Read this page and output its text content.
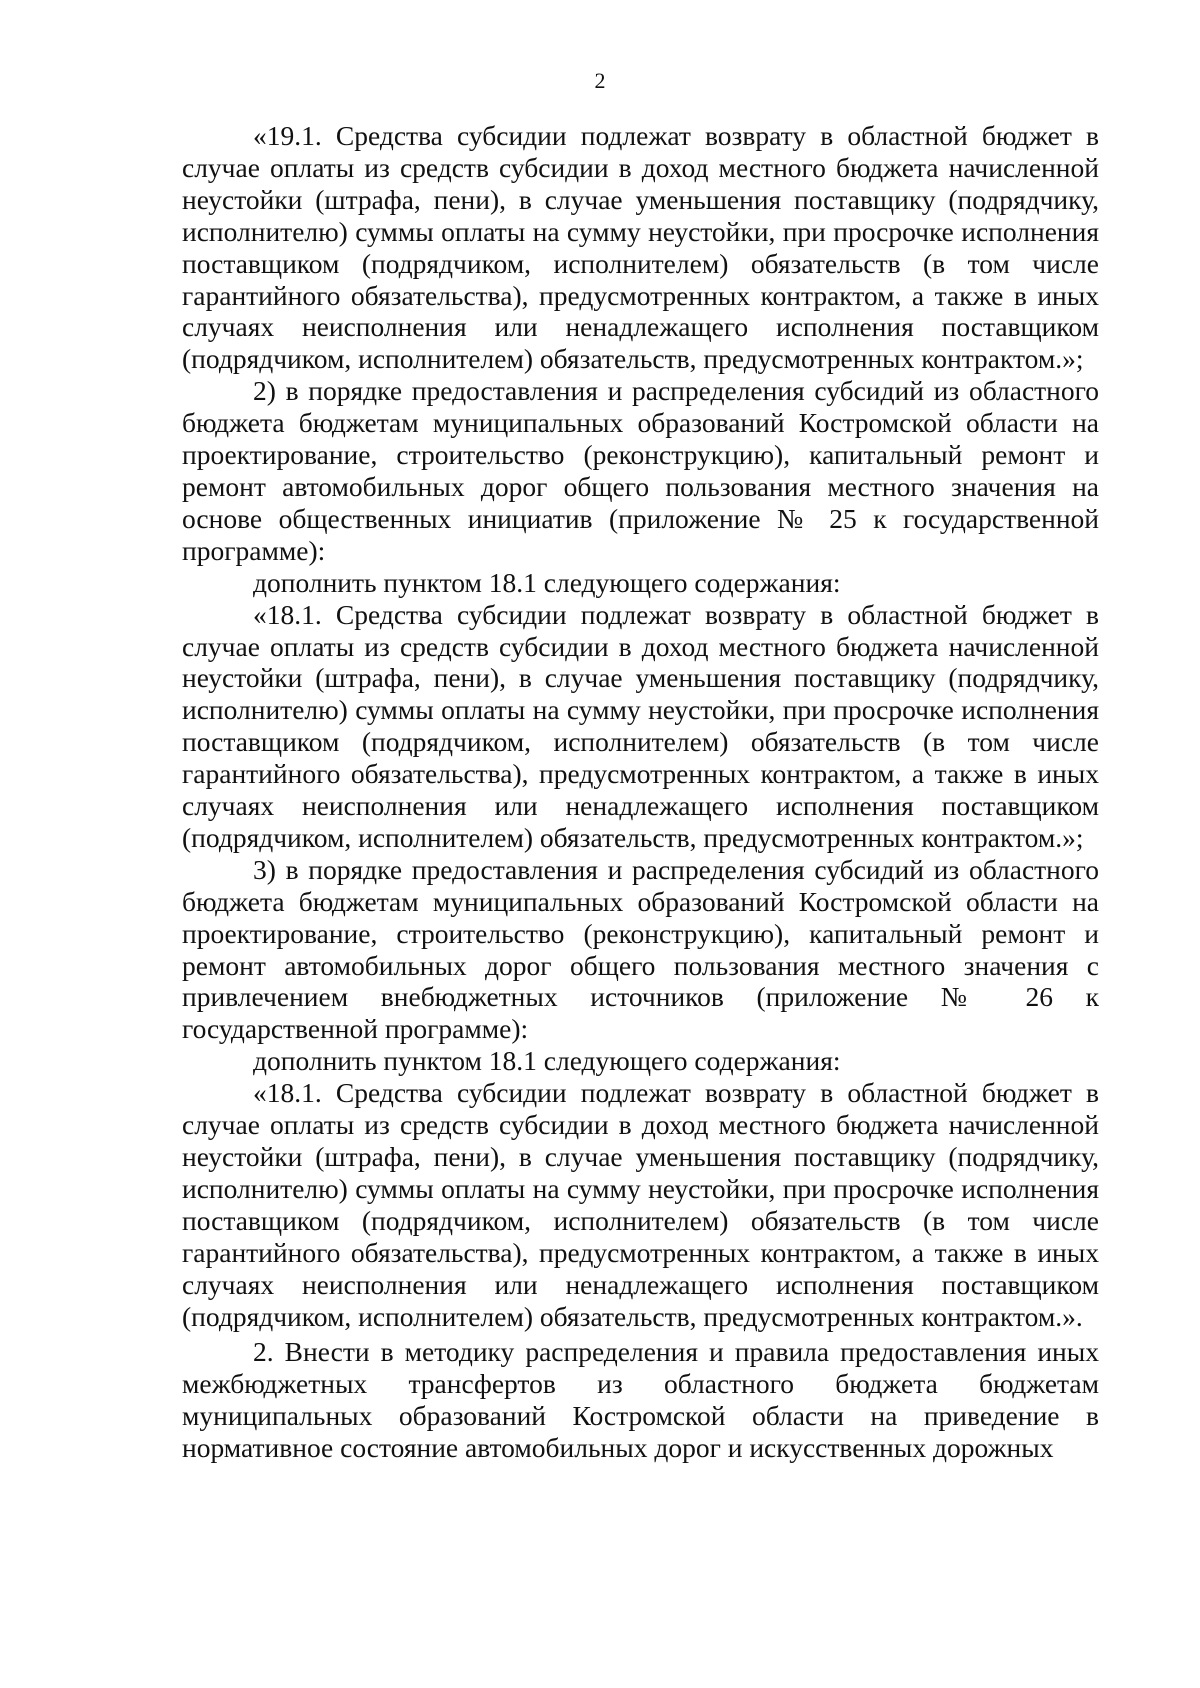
2

«19.1. Средства субсидии подлежат возврату в областной бюджет в случае оплаты из средств субсидии в доход местного бюджета начисленной неустойки (штрафа, пени), в случае уменьшения поставщику (подрядчику, исполнителю) суммы оплаты на сумму неустойки, при просрочке исполнения поставщиком (подрядчиком, исполнителем) обязательств (в том числе гарантийного обязательства), предусмотренных контрактом, а также в иных случаях неисполнения или ненадлежащего исполнения поставщиком (подрядчиком, исполнителем) обязательств, предусмотренных контрактом.»;

2) в порядке предоставления и распределения субсидий из областного бюджета бюджетам муниципальных образований Костромской области на проектирование, строительство (реконструкцию), капитальный ремонт и ремонт автомобильных дорог общего пользования местного значения на основе общественных инициатив (приложение № 25 к государственной программе):

дополнить пунктом 18.1 следующего содержания:

«18.1. Средства субсидии подлежат возврату в областной бюджет в случае оплаты из средств субсидии в доход местного бюджета начисленной неустойки (штрафа, пени), в случае уменьшения поставщику (подрядчику, исполнителю) суммы оплаты на сумму неустойки, при просрочке исполнения поставщиком (подрядчиком, исполнителем) обязательств (в том числе гарантийного обязательства), предусмотренных контрактом, а также в иных случаях неисполнения или ненадлежащего исполнения поставщиком (подрядчиком, исполнителем) обязательств, предусмотренных контрактом.»;

3) в порядке предоставления и распределения субсидий из областного бюджета бюджетам муниципальных образований Костромской области на проектирование, строительство (реконструкцию), капитальный ремонт и ремонт автомобильных дорог общего пользования местного значения с привлечением внебюджетных источников (приложение № 26 к государственной программе):

дополнить пунктом 18.1 следующего содержания:

«18.1. Средства субсидии подлежат возврату в областной бюджет в случае оплаты из средств субсидии в доход местного бюджета начисленной неустойки (штрафа, пени), в случае уменьшения поставщику (подрядчику, исполнителю) суммы оплаты на сумму неустойки, при просрочке исполнения поставщиком (подрядчиком, исполнителем) обязательств (в том числе гарантийного обязательства), предусмотренных контрактом, а также в иных случаях неисполнения или ненадлежащего исполнения поставщиком (подрядчиком, исполнителем) обязательств, предусмотренных контрактом.».

2. Внести в методику распределения и правила предоставления иных межбюджетных трансфертов из областного бюджета бюджетам муниципальных образований Костромской области на приведение в нормативное состояние автомобильных дорог и искусственных дорожных
